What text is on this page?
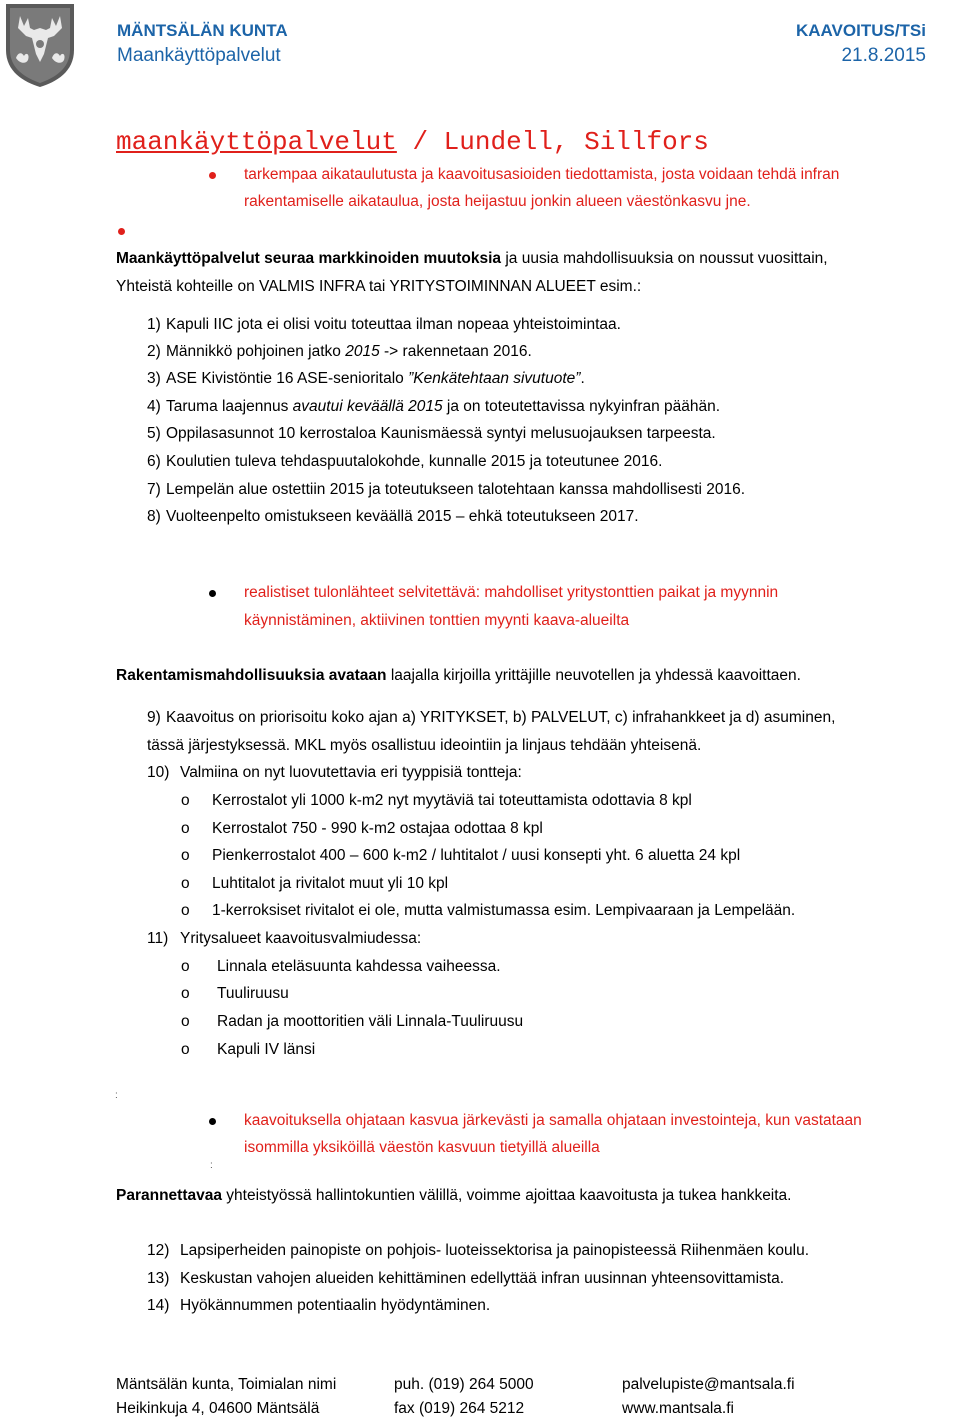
MÄNTSÄLÄN KUNTA
Maankäyttöpalvelut
KAAVOITUS/TSi
21.8.2015
maankäyttöpalvelut / Lundell, Sillfors
tarkempaa aikataulutusta ja kaavoitusasioiden tiedottamista, josta voidaan tehdä infran
rakentamiselle aikataulua, josta heijastuu jonkin alueen väestönkasvu jne.
Maankäyttöpalvelut seuraa markkinoiden muutoksia ja uusia mahdollisuuksia on noussut vuosittain,
Yhteistä kohteille on VALMIS INFRA tai YRITYSTOIMINNAN ALUEET esim.:
1) Kapuli IIC jota ei olisi voitu toteuttaa ilman nopeaa yhteistoimintaa.
2) Männikkö pohjoinen jatko 2015 -> rakennetaan 2016.
3) ASE Kivistöntie 16 ASE-senioritalo ”Kenkätehtaan sivutuote”.
4) Taruma laajennus avautui keväällä 2015 ja on toteutettavissa nykyinfran päähän.
5) Oppilasasunnot 10 kerrostaloa Kaunismäessä syntyi melusuojauksen tarpeesta.
6) Koulutien tuleva tehdaspuutalokohde, kunnalle 2015 ja toteutunee 2016.
7) Lempelän alue ostettiin 2015 ja toteutukseen talotehtaan kanssa mahdollisesti 2016.
8) Vuolteenpelto omistukseen keväällä 2015 – ehkä toteutukseen 2017.
realistiset tulonlähteet selvitettävä: mahdolliset yritystonttien paikat ja myynnin
käynnistäminen, aktiivinen tonttien myynti kaava-alueilta
Rakentamismahdollisuuksia avataan laajalla kirjoilla yrittäjille neuvotellen ja yhdessä kaavoittaen.
9) Kaavoitus on priorisoitu koko ajan a) YRITYKSET, b) PALVELUT, c) infrahankkeet ja d) asuminen,
tässä järjestyksessä. MKL myös osallistuu ideointiin ja linjaus tehdään yhteisenä.
10) Valmiina on nyt luovutettavia eri tyyppisiä tontteja:
o Kerrostalot yli 1000 k-m2 nyt myytäviä tai toteuttamista odottavia 8 kpl
o Kerrostalot 750 - 990 k-m2 ostajaa odottaa 8 kpl
o Pienkerrostalot 400 – 600 k-m2 / luhtitalot / uusi konsepti yht. 6 aluetta 24 kpl
o Luhtitalot ja rivitalot muut yli 10 kpl
o 1-kerroksiset rivitalot ei ole, mutta valmistumassa esim. Lempivaaraan ja Lempelään.
11) Yritysalueet kaavoitusvalmiudessa:
o Linnala eteläsuunta kahdessa vaiheessa.
o Tuuliruusu
o Radan ja moottoritien väli Linnala-Tuuliruusu
o Kapuli IV länsi
:
:
kaavoituksella ohjataan kasvua järkevästi ja samalla ohjataan investointeja, kun vastataan
isommilla yksiköillä väestön kasvuun tietyillä alueilla
Parannettavaa yhteistyössä hallintokuntien välillä, voimme ajoittaa kaavoitusta ja tukea hankkeita.
12) Lapsiperheiden painopiste on pohjois- luoteissektorisa ja painopisteessä Riihenmäen koulu.
13) Keskustan vahojen alueiden kehittäminen edellyttää infran uusinnan yhteensovittamista.
14) Hyökännummen potentiaalin hyödyntäminen.
Mäntsälän kunta, Toimialan nimi
Heikinkuja 4, 04600 Mäntsälä
puh. (019) 264 5000
fax (019) 264 5212
palvelupiste@mantsala.fi
www.mantsala.fi
